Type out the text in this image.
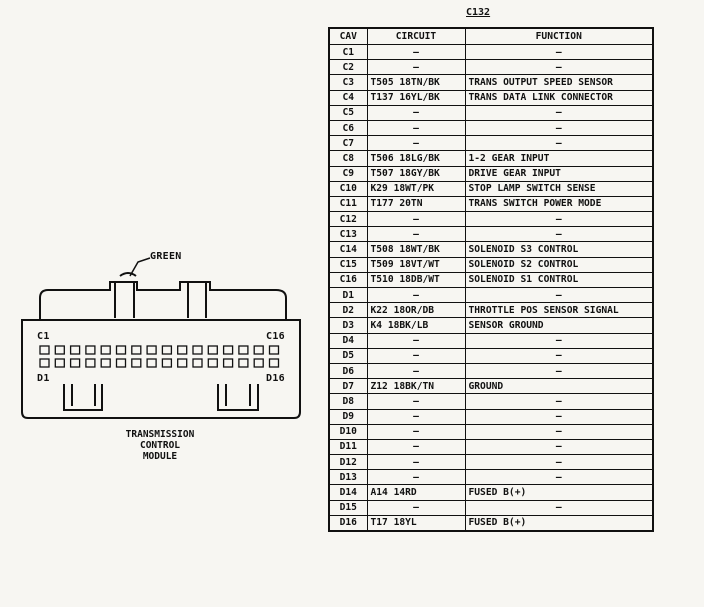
GREEN
C1	C16
D1	D16
TRANSMISSION
CONTROL
MODULE
C132
CAV	CIRCUIT	FUNCTION
C1	—	—
C2	—	—
C3	T505 18TN/BK	TRANS OUTPUT SPEED SENSOR
C4	T137 16YL/BK	TRANS DATA LINK CONNECTOR
C5	—	—
C6	—	—
C7	—	—
C8	T506 18LG/BK	1-2 GEAR INPUT
C9	T507 18GY/BK	DRIVE GEAR INPUT
C10	K29 18WT/PK	STOP LAMP SWITCH SENSE
C11	T177 20TN	TRANS SWITCH POWER MODE
C12	—	—
C13	—	—
C14	T508 18WT/BK	SOLENOID S3 CONTROL
C15	T509 18VT/WT	SOLENOID S2 CONTROL
C16	T510 18DB/WT	SOLENOID S1 CONTROL
D1	—	—
D2	K22 18OR/DB	THROTTLE POS SENSOR SIGNAL
D3	K4 18BK/LB	SENSOR GROUND
D4	—	—
D5	—	—
D6	—	—
D7	Z12 18BK/TN	GROUND
D8	—	—
D9	—	—
D10	—	—
D11	—	—
D12	—	—
D13	—	—
D14	A14 14RD	FUSED B(+)
D15	—	—
D16	T17 18YL	FUSED B(+)
